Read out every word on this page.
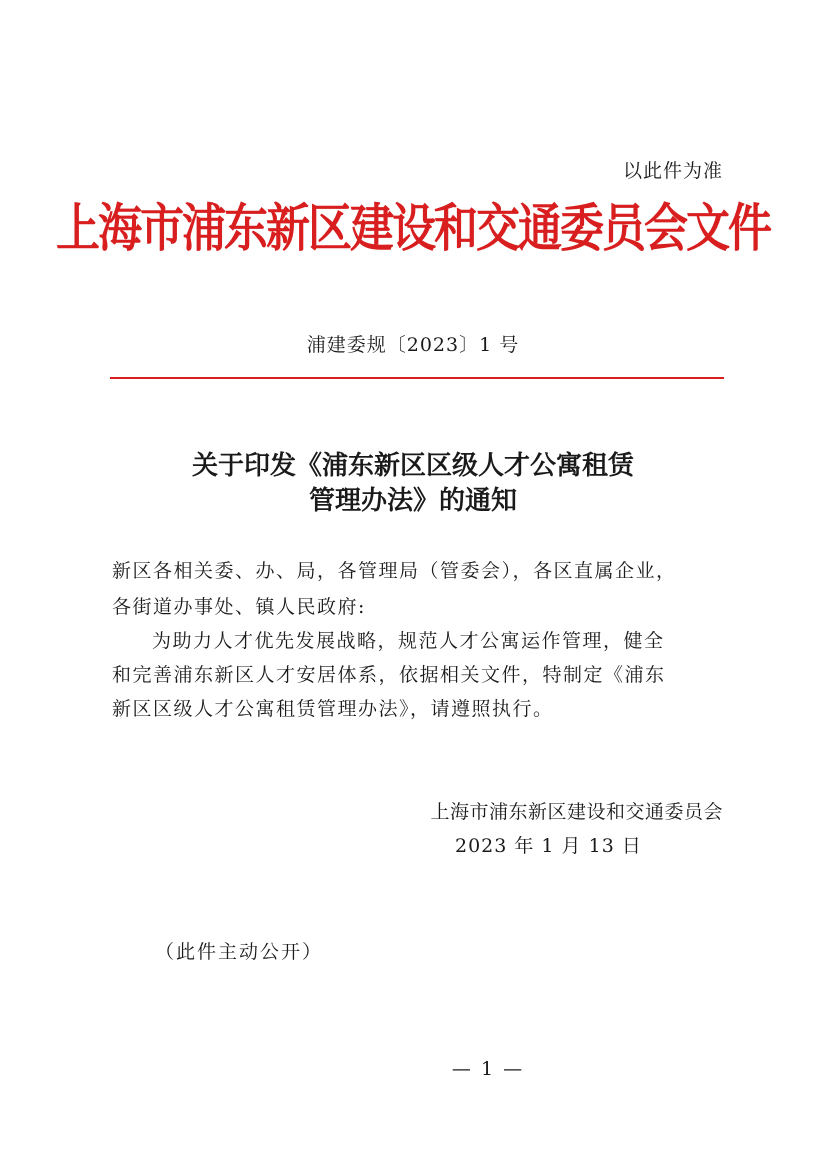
以此件为准
上海市浦东新区建设和交通委员会文件
浦建委规〔2023〕1 号
关于印发《浦东新区区级人才公寓租赁
管理办法》的通知
新区各相关委、办、局，各管理局（管委会），各区直属企业，
各街道办事处、镇人民政府:
为助力人才优先发展战略，规范人才公寓运作管理，健全
和完善浦东新区人才安居体系，依据相关文件，特制定《浦东
新区区级人才公寓租赁管理办法》，请遵照执行。
上海市浦东新区建设和交通委员会
2023 年 1 月 13 日
（此件主动公开）
— 1 —
